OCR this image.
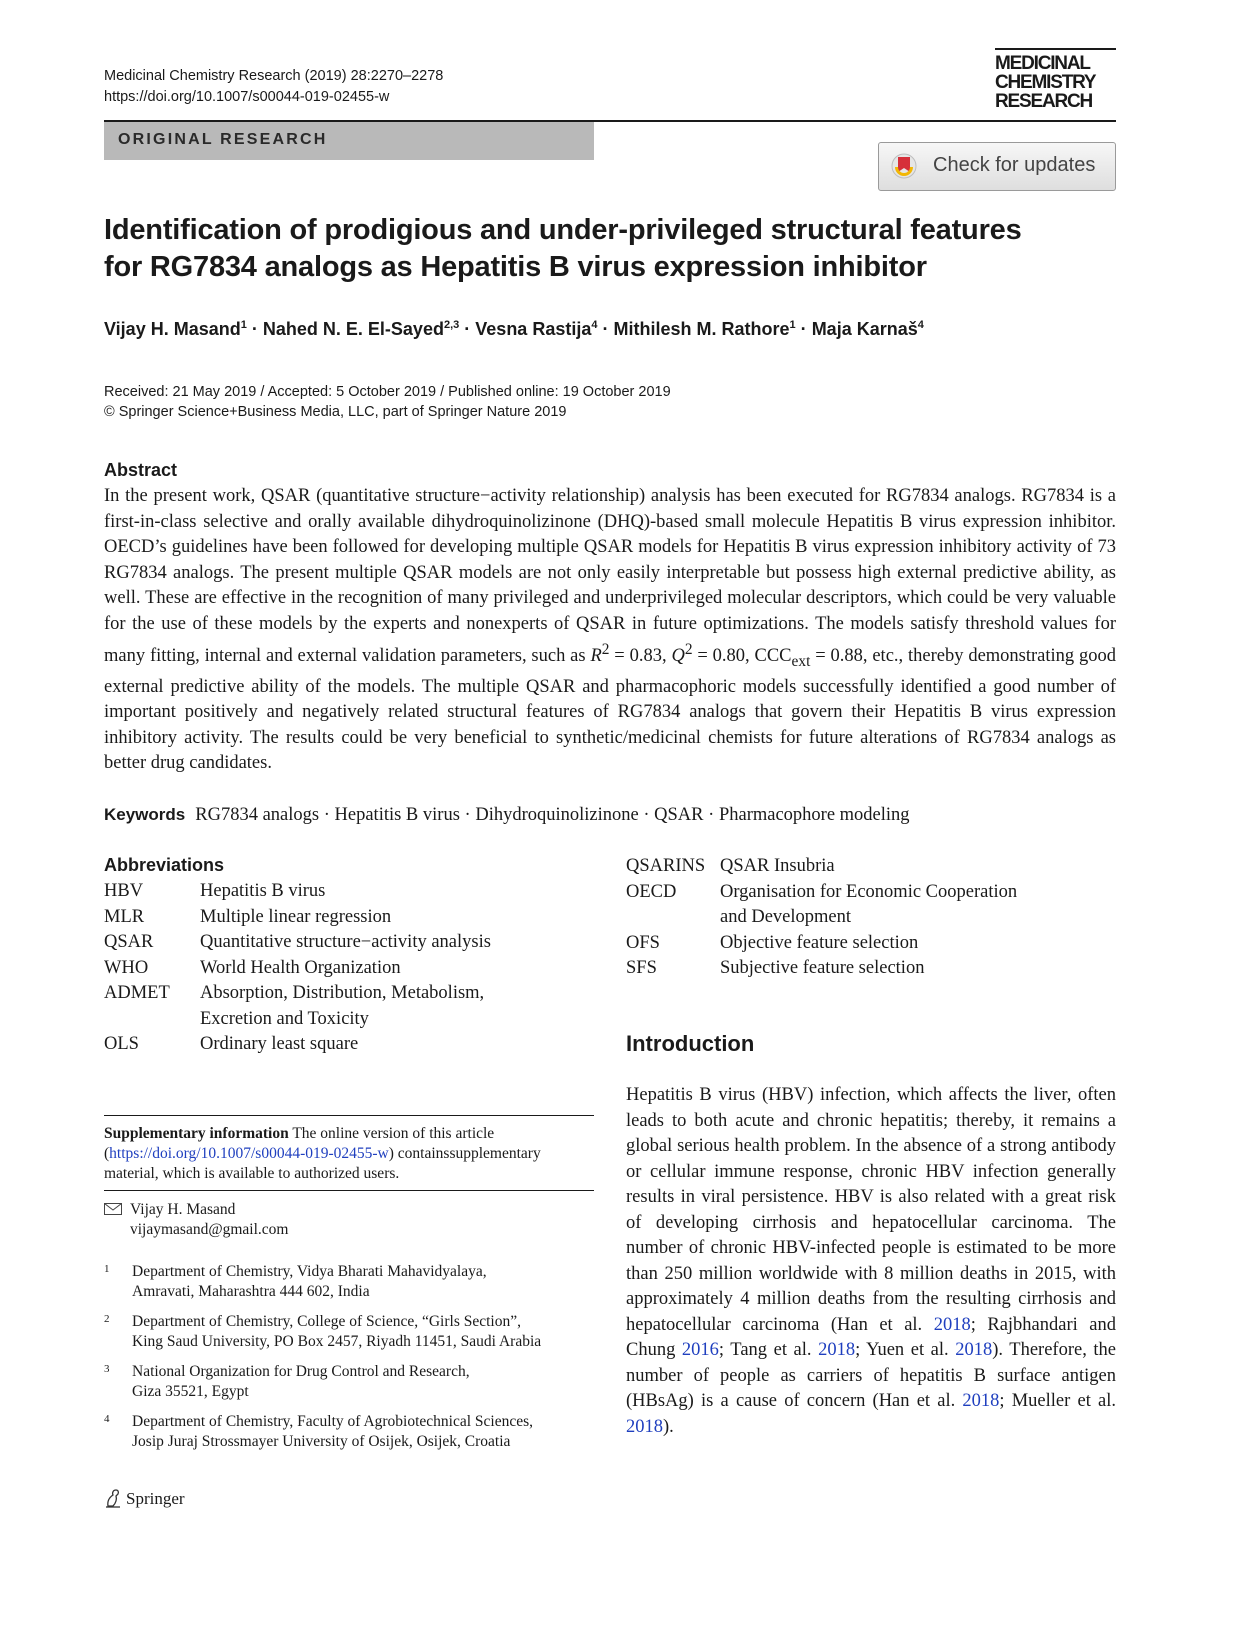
Medicinal Chemistry Research (2019) 28:2270–2278
https://doi.org/10.1007/s00044-019-02455-w
MEDICINAL
CHEMISTRY
RESEARCH
ORIGINAL RESEARCH
Check for updates
Identification of prodigious and under-privileged structural features
for RG7834 analogs as Hepatitis B virus expression inhibitor
Vijay H. Masand$^1$ · Nahed N. E. El-Sayed$^{2,3}$ · Vesna Rastija$^4$ · Mithilesh M. Rathore$^1$ · Maja Karnaš$^4$
Received: 21 May 2019 / Accepted: 5 October 2019 / Published online: 19 October 2019
© Springer Science+Business Media, LLC, part of Springer Nature 2019
Abstract
In the present work, QSAR (quantitative structure−activity relationship) analysis has been executed for RG7834 analogs. RG7834 is a first-in-class selective and orally available dihydroquinolizinone (DHQ)-based small molecule Hepatitis B virus expression inhibitor. OECD’s guidelines have been followed for developing multiple QSAR models for Hepatitis B virus expression inhibitory activity of 73 RG7834 analogs. The present multiple QSAR models are not only easily interpretable but possess high external predictive ability, as well. These are effective in the recognition of many privileged and underprivileged molecular descriptors, which could be very valuable for the use of these models by the experts and nonexperts of QSAR in future optimizations. The models satisfy threshold values for many fitting, internal and external validation parameters, such as $R^2 = 0.83$, $Q^2 = 0.80$, $CCC_{ext} = 0.88$, etc., thereby demonstrating good external predictive ability of the models. The multiple QSAR and pharmacophoric models successfully identified a good number of important positively and negatively related structural features of RG7834 analogs that govern their Hepatitis B virus expression inhibitory activity. The results could be very beneficial to synthetic/medicinal chemists for future alterations of RG7834 analogs as better drug candidates.
Keywords RG7834 analogs · Hepatitis B virus · Dihydroquinolizinone · QSAR · Pharmacophore modeling
Abbreviations
HBV	Hepatitis B virus
MLR	Multiple linear regression
QSAR	Quantitative structure−activity analysis
WHO	World Health Organization
ADMET	Absorption, Distribution, Metabolism,
Excretion and Toxicity
OLS	Ordinary least square
QSARINS QSAR Insubria
OECD	Organisation for Economic Cooperation
and Development
OFS	Objective feature selection
SFS	Subjective feature selection
Introduction
Hepatitis B virus (HBV) infection, which affects the liver, often leads to both acute and chronic hepatitis; thereby, it remains a global serious health problem. In the absence of a strong antibody or cellular immune response, chronic HBV infection generally results in viral persistence. HBV is also related with a great risk of developing cirrhosis and hepatocellular carcinoma. The number of chronic HBV-infected people is estimated to be more than 250 million worldwide with 8 million deaths in 2015, with approximately 4 million deaths from the resulting cirrhosis and hepatocellular carcinoma (Han et al. 2018; Rajbhandari and Chung 2016; Tang et al. 2018; Yuen et al. 2018). Therefore, the number of people as carriers of hepatitis B surface antigen (HBsAg) is a cause of concern (Han et al. 2018; Mueller et al. 2018).
Supplementary information The online version of this article (https://doi.org/10.1007/s00044-019-02455-w) containssupplementary material, which is available to authorized users.
Vijay H. Masand
vijaymasand@gmail.com
1	Department of Chemistry, Vidya Bharati Mahavidyalaya,
Amravati, Maharashtra 444 602, India
2	Department of Chemistry, College of Science, “Girls Section”,
King Saud University, PO Box 2457, Riyadh 11451, Saudi Arabia
3	National Organization for Drug Control and Research,
Giza 35521, Egypt
4	Department of Chemistry, Faculty of Agrobiotechnical Sciences,
Josip Juraj Strossmayer University of Osijek, Osijek, Croatia
Springer
